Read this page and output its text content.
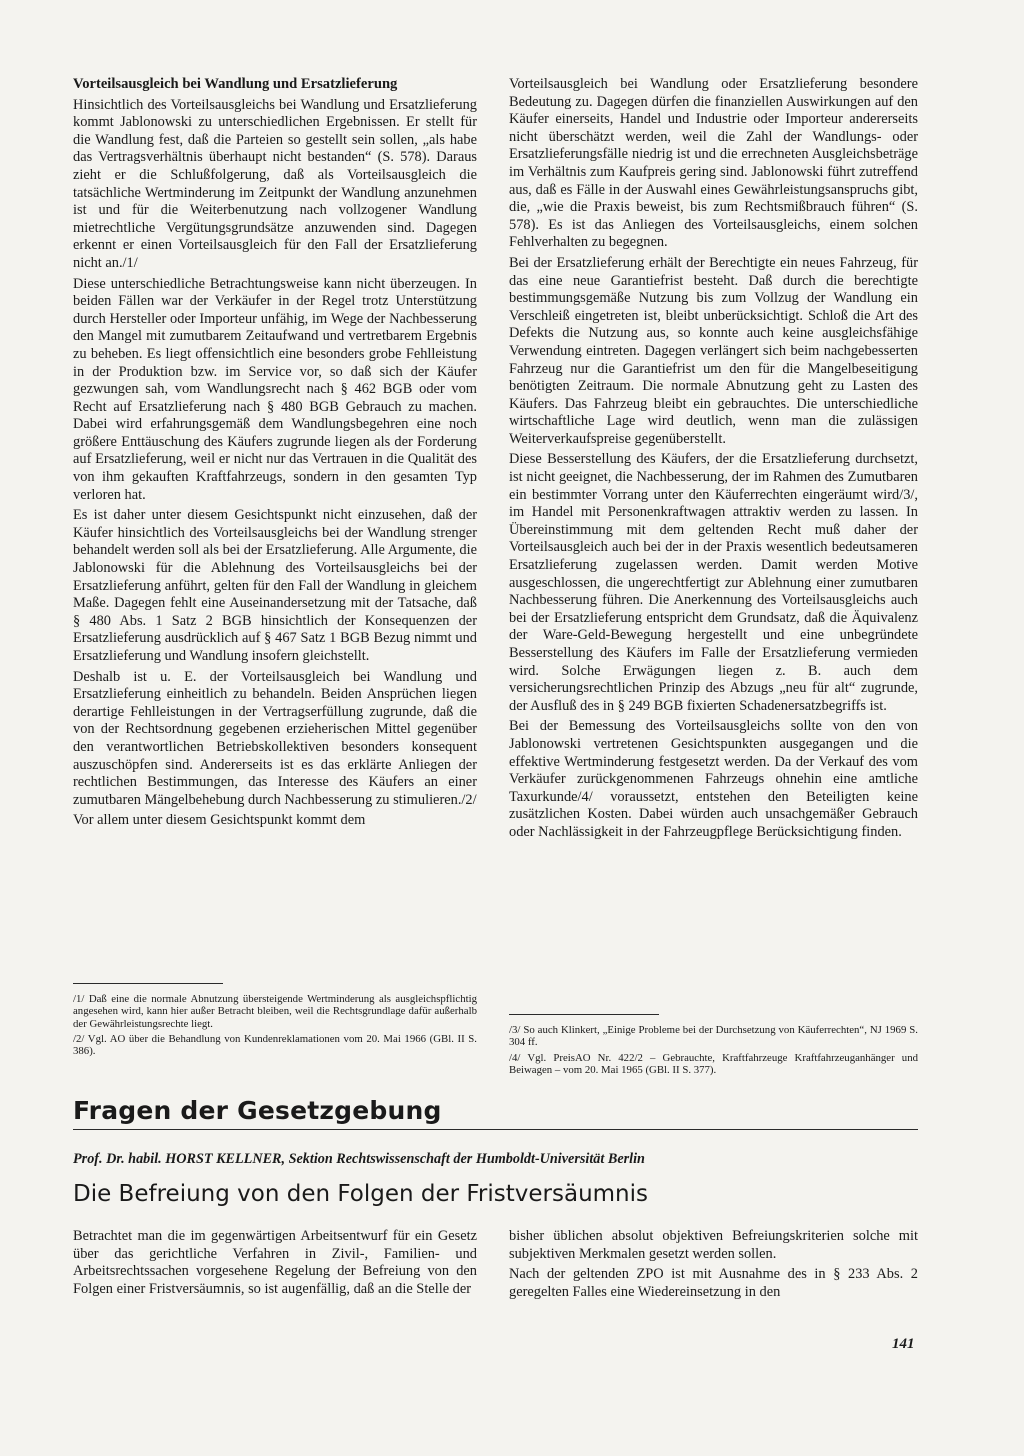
Vorteilsausgleich bei Wandlung und Ersatzlieferung

Hinsichtlich des Vorteilsausgleichs bei Wandlung und Ersatzlieferung kommt Jablonowski zu unterschiedlichen Ergebnissen. Er stellt für die Wandlung fest, daß die Parteien so gestellt sein sollen, „als habe das Vertragsverhältnis überhaupt nicht bestanden“ (S. 578). Daraus zieht er die Schlußfolgerung, daß als Vorteilsausgleich die tatsächliche Wertminderung im Zeitpunkt der Wandlung anzunehmen ist und für die Weiterbenutzung nach vollzogener Wandlung mietrechtliche Vergütungsgrundsätze anzuwenden sind. Dagegen erkennt er einen Vorteilsausgleich für den Fall der Ersatzlieferung nicht an./1/

Diese unterschiedliche Betrachtungsweise kann nicht überzeugen. In beiden Fällen war der Verkäufer in der Regel trotz Unterstützung durch Hersteller oder Importeur unfähig, im Wege der Nachbesserung den Mangel mit zumutbarem Zeitaufwand und vertretbarem Ergebnis zu beheben. Es liegt offensichtlich eine besonders grobe Fehlleistung in der Produktion bzw. im Service vor, so daß sich der Käufer gezwungen sah, vom Wandlungsrecht nach § 462 BGB oder vom Recht auf Ersatzlieferung nach § 480 BGB Gebrauch zu machen. Dabei wird erfahrungsgemäß dem Wandlungsbegehren eine noch größere Enttäuschung des Käufers zugrunde liegen als der Forderung auf Ersatzlieferung, weil er nicht nur das Vertrauen in die Qualität des von ihm gekauften Kraftfahrzeugs, sondern in den gesamten Typ verloren hat.

Es ist daher unter diesem Gesichtspunkt nicht einzusehen, daß der Käufer hinsichtlich des Vorteilsausgleichs bei der Wandlung strenger behandelt werden soll als bei der Ersatzlieferung. Alle Argumente, die Jablonowski für die Ablehnung des Vorteilsausgleichs bei der Ersatzlieferung anführt, gelten für den Fall der Wandlung in gleichem Maße. Dagegen fehlt eine Auseinandersetzung mit der Tatsache, daß § 480 Abs. 1 Satz 2 BGB hinsichtlich der Konsequenzen der Ersatzlieferung ausdrücklich auf § 467 Satz 1 BGB Bezug nimmt und Ersatzlieferung und Wandlung insofern gleichstellt.

Deshalb ist u. E. der Vorteilsausgleich bei Wandlung und Ersatzlieferung einheitlich zu behandeln. Beiden Ansprüchen liegen derartige Fehlleistungen in der Vertragserfüllung zugrunde, daß die von der Rechtsordnung gegebenen erzieherischen Mittel gegenüber den verantwortlichen Betriebskollektiven besonders konsequent auszuschöpfen sind. Andererseits ist es das erklärte Anliegen der rechtlichen Bestimmungen, das Interesse des Käufers an einer zumutbaren Mängelbehebung durch Nachbesserung zu stimulieren./2/

Vor allem unter diesem Gesichtspunkt kommt dem

/1/ Daß eine die normale Abnutzung übersteigende Wertminderung als ausgleichspflichtig angesehen wird, kann hier außer Betracht bleiben, weil die Rechtsgrundlage dafür außerhalb der Gewährleistungsrechte liegt.

/2/ Vgl. AO über die Behandlung von Kundenreklamationen vom 20. Mai 1966 (GBl. II S. 386).

Vorteilsausgleich bei Wandlung oder Ersatzlieferung besondere Bedeutung zu. Dagegen dürfen die finanziellen Auswirkungen auf den Käufer einerseits, Handel und Industrie oder Importeur andererseits nicht überschätzt werden, weil die Zahl der Wandlungs- oder Ersatzlieferungsfälle niedrig ist und die errechneten Ausgleichsbeträge im Verhältnis zum Kaufpreis gering sind. Jablonowski führt zutreffend aus, daß es Fälle in der Auswahl eines Gewährleistungsanspruchs gibt, die, „wie die Praxis beweist, bis zum Rechtsmißbrauch führen“ (S. 578). Es ist das Anliegen des Vorteilsausgleichs, einem solchen Fehlverhalten zu begegnen.

Bei der Ersatzlieferung erhält der Berechtigte ein neues Fahrzeug, für das eine neue Garantiefrist besteht. Daß durch die berechtigte bestimmungsgemäße Nutzung bis zum Vollzug der Wandlung ein Verschleiß eingetreten ist, bleibt unberücksichtigt. Schloß die Art des Defekts die Nutzung aus, so konnte auch keine ausgleichsfähige Verwendung eintreten. Dagegen verlängert sich beim nachgebesserten Fahrzeug nur die Garantiefrist um den für die Mangelbeseitigung benötigten Zeitraum. Die normale Abnutzung geht zu Lasten des Käufers. Das Fahrzeug bleibt ein gebrauchtes. Die unterschiedliche wirtschaftliche Lage wird deutlich, wenn man die zulässigen Weiterverkaufspreise gegenüberstellt.

Diese Besserstellung des Käufers, der die Ersatzlieferung durchsetzt, ist nicht geeignet, die Nachbesserung, der im Rahmen des Zumutbaren ein bestimmter Vorrang unter den Käuferrechten eingeräumt wird/3/, im Handel mit Personenkraftwagen attraktiv werden zu lassen. In Übereinstimmung mit dem geltenden Recht muß daher der Vorteilsausgleich auch bei der in der Praxis wesentlich bedeutsameren Ersatzlieferung zugelassen werden. Damit werden Motive ausgeschlossen, die ungerechtfertigt zur Ablehnung einer zumutbaren Nachbesserung führen. Die Anerkennung des Vorteilsausgleichs auch bei der Ersatzlieferung entspricht dem Grundsatz, daß die Äquivalenz der Ware-Geld-Bewegung hergestellt und eine unbegründete Besserstellung des Käufers im Falle der Ersatzlieferung vermieden wird. Solche Erwägungen liegen z. B. auch dem versicherungsrechtlichen Prinzip des Abzugs „neu für alt“ zugrunde, der Ausfluß des in § 249 BGB fixierten Schadenersatzbegriffs ist.

Bei der Bemessung des Vorteilsausgleichs sollte von den von Jablonowski vertretenen Gesichtspunkten ausgegangen und die effektive Wertminderung festgesetzt werden. Da der Verkauf des vom Verkäufer zurückgenommenen Fahrzeugs ohnehin eine amtliche Taxurkunde/4/ voraussetzt, entstehen den Beteiligten keine zusätzlichen Kosten. Dabei würden auch unsachgemäßer Gebrauch oder Nachlässigkeit in der Fahrzeugpflege Berücksichtigung finden.

/3/ So auch Klinkert, „Einige Probleme bei der Durchsetzung von Käuferrechten“, NJ 1969 S. 304 ff.

/4/ Vgl. PreisAO Nr. 422/2 – Gebrauchte, Kraftfahrzeuge Kraftfahrzeuganhänger und Beiwagen – vom 20. Mai 1965 (GBl. II S. 377).

Fragen der Gesetzgebung
Prof. Dr. habil. HORST KELLNER, Sektion Rechtswissenschaft der Humboldt-Universität Berlin
Die Befreiung von den Folgen der Fristversäumnis

Betrachtet man die im gegenwärtigen Arbeitsentwurf für ein Gesetz über das gerichtliche Verfahren in Zivil-, Familien- und Arbeitsrechtssachen vorgesehene Regelung der Befreiung von den Folgen einer Fristversäumnis, so ist augenfällig, daß an die Stelle der

bisher üblichen absolut objektiven Befreiungskriterien solche mit subjektiven Merkmalen gesetzt werden sollen.

Nach der geltenden ZPO ist mit Ausnahme des in § 233 Abs. 2 geregelten Falles eine Wiedereinsetzung in den

141
